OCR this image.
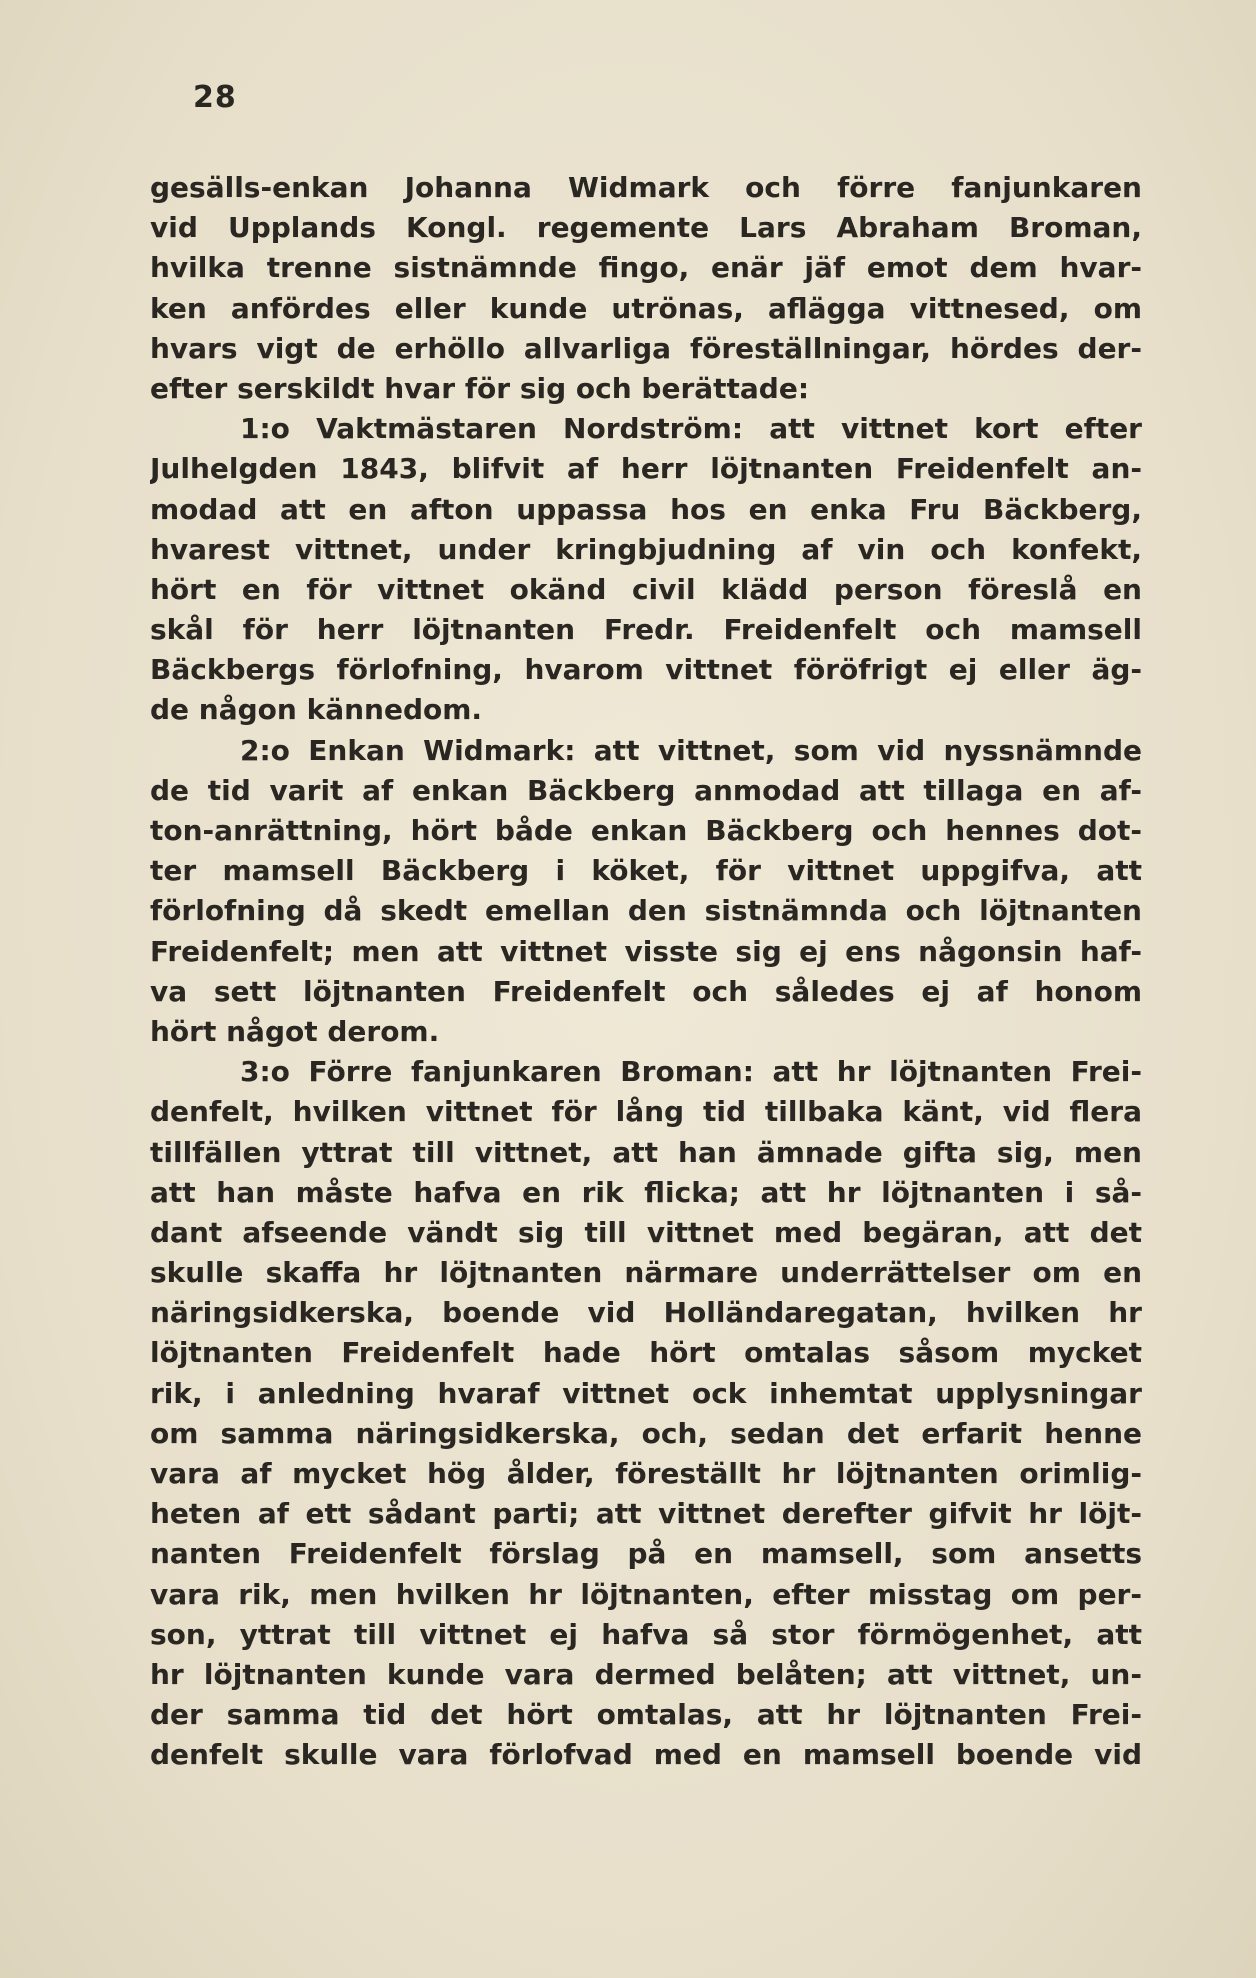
28
gesälls-enkan Johanna Widmark och förre fanjunkaren
vid Upplands Kongl. regemente Lars Abraham Broman,
hvilka trenne sistnämnde fingo, enär jäf emot dem hvar-
ken anfördes eller kunde utrönas, aflägga vittnesed, om
hvars vigt de erhöllo allvarliga föreställningar, hördes der-
efter serskildt hvar för sig och berättade:
1:o Vaktmästaren Nordström: att vittnet kort efter
Julhelgden 1843, blifvit af herr löjtnanten Freidenfelt an-
modad att en afton uppassa hos en enka Fru Bäckberg,
hvarest vittnet, under kringbjudning af vin och konfekt,
hört en för vittnet okänd civil klädd person föreslå en
skål för herr löjtnanten Fredr. Freidenfelt och mamsell
Bäckbergs förlofning, hvarom vittnet föröfrigt ej eller äg-
de någon kännedom.
2:o Enkan Widmark: att vittnet, som vid nyssnämnde
de tid varit af enkan Bäckberg anmodad att tillaga en af-
ton-anrättning, hört både enkan Bäckberg och hennes dot-
ter mamsell Bäckberg i köket, för vittnet uppgifva, att
förlofning då skedt emellan den sistnämnda och löjtnanten
Freidenfelt; men att vittnet visste sig ej ens någonsin haf-
va sett löjtnanten Freidenfelt och således ej af honom
hört något derom.
3:o Förre fanjunkaren Broman: att hr löjtnanten Frei-
denfelt, hvilken vittnet för lång tid tillbaka känt, vid flera
tillfällen yttrat till vittnet, att han ämnade gifta sig, men
att han måste hafva en rik flicka; att hr löjtnanten i så-
dant afseende vändt sig till vittnet med begäran, att det
skulle skaffa hr löjtnanten närmare underrättelser om en
näringsidkerska, boende vid Holländaregatan, hvilken hr
löjtnanten Freidenfelt hade hört omtalas såsom mycket
rik, i anledning hvaraf vittnet ock inhemtat upplysningar
om samma näringsidkerska, och, sedan det erfarit henne
vara af mycket hög ålder, föreställt hr löjtnanten orimlig-
heten af ett sådant parti; att vittnet derefter gifvit hr löjt-
nanten Freidenfelt förslag på en mamsell, som ansetts
vara rik, men hvilken hr löjtnanten, efter misstag om per-
son, yttrat till vittnet ej hafva så stor förmögenhet, att
hr löjtnanten kunde vara dermed belåten; att vittnet, un-
der samma tid det hört omtalas, att hr löjtnanten Frei-
denfelt skulle vara förlofvad med en mamsell boende vid
